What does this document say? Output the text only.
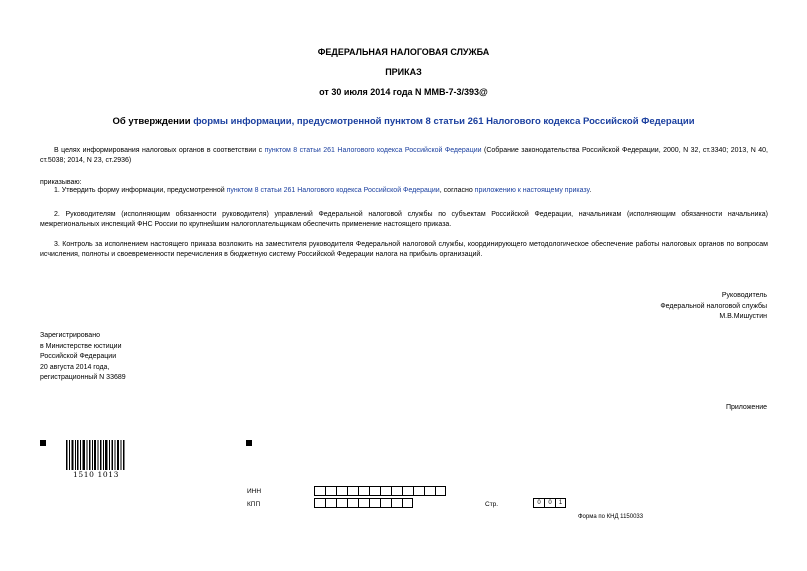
ФЕДЕРАЛЬНАЯ НАЛОГОВАЯ СЛУЖБА
ПРИКАЗ
от 30 июля 2014 года N ММВ-7-3/393@
Об утверждении формы информации, предусмотренной пунктом 8 статьи 261 Налогового кодекса Российской Федерации
В целях информирования налоговых органов в соответствии с пунктом 8 статьи 261 Налогового кодекса Российской Федерации (Собрание законодательства Российской Федерации, 2000, N 32, ст.3340; 2013, N 40, ст.5038; 2014, N 23, ст.2936)
приказываю:
1. Утвердить форму информации, предусмотренной пунктом 8 статьи 261 Налогового кодекса Российской Федерации, согласно приложению к настоящему приказу.
2. Руководителям (исполняющим обязанности руководителя) управлений Федеральной налоговой службы по субъектам Российской Федерации, начальникам (исполняющим обязанности начальника) межрегиональных инспекций ФНС России по крупнейшим налогоплательщикам обеспечить применение настоящего приказа.
3. Контроль за исполнением настоящего приказа возложить на заместителя руководителя Федеральной налоговой службы, координирующего методологическое обеспечение работы налоговых органов по вопросам исчисления, полноты и своевременности перечисления в бюджетную систему Российской Федерации налога на прибыль организаций.
Руководитель
Федеральной налоговой службы
М.В.Мишустин
Зарегистрировано
в Министерстве юстиции
Российской Федерации
20 августа 2014 года,
регистрационный N 33689
Приложение
1510 1013
ИНН
КПП	Стр.	0	0	1
Форма по КНД 1150033
